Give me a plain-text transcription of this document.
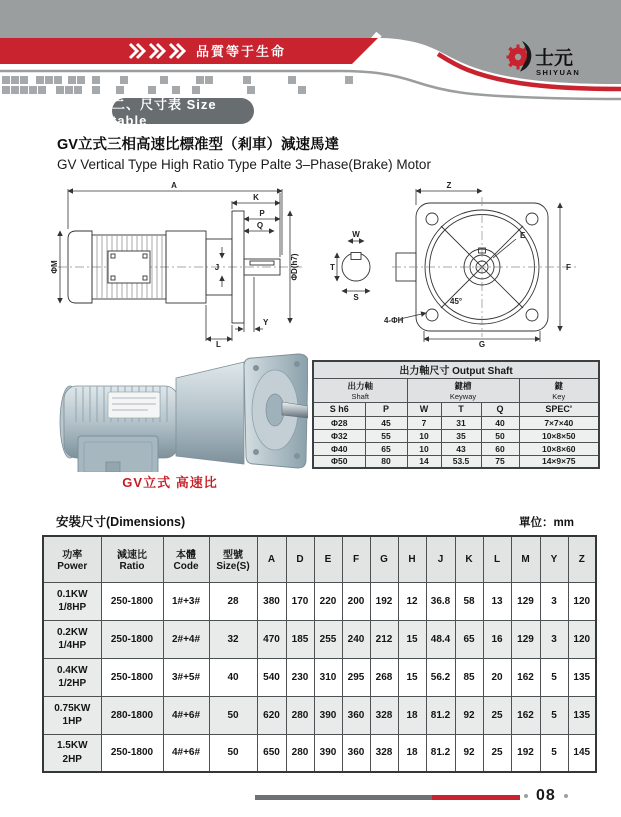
品質等于生命	士元
SHIYUAN
二、尺寸表 Size table
GV立式三相高速比標准型（剎車）減速馬達
GV Vertical Type High Ratio Type Palte 3–Phase(Brake) Motor
A
ΦM
K
P
Q
ΦD(h7)
J
Y
L
W
T
S
E
45°
Z
F
G
4-ΦH
GV立式 高速比
出力軸尺寸 Output Shaft					

出力軸
Shaft

鍵槽
Keyway

鍵
Key

S h6	P	W	T	Q	SPEC'
Φ28	45	7	31	40	7×7×40
Φ32	55	10	35	50	10×8×50
Φ40	65	10	43	60	10×8×60
Φ50	80	14	53.5	75	14×9×75
安裝尺寸(Dimensions)	單位：mm
功率
Power

減速比
Ratio

本體
Code

型號
Size(S)
	A	D	E	F	G	H	J	K	L	M	Y	Z

0.1KW
1/8HP	250-1800	1#+3#	28	380	170	220	200	192	12	36.8	58	13	129	3	120

0.2KW
1/4HP	250-1800	2#+4#	32	470	185	255	240	212	15	48.4	65	16	129	3	120

0.4KW
1/2HP	250-1800	3#+5#	40	540	230	310	295	268	15	56.2	85	20	162	5	135

0.75KW
1HP	280-1800	4#+6#	50	620	280	390	360	328	18	81.2	92	25	162	5	135

1.5KW
2HP	250-1800	4#+6#	50	650	280	390	360	328	18	81.2	92	25	192	5	145
08
